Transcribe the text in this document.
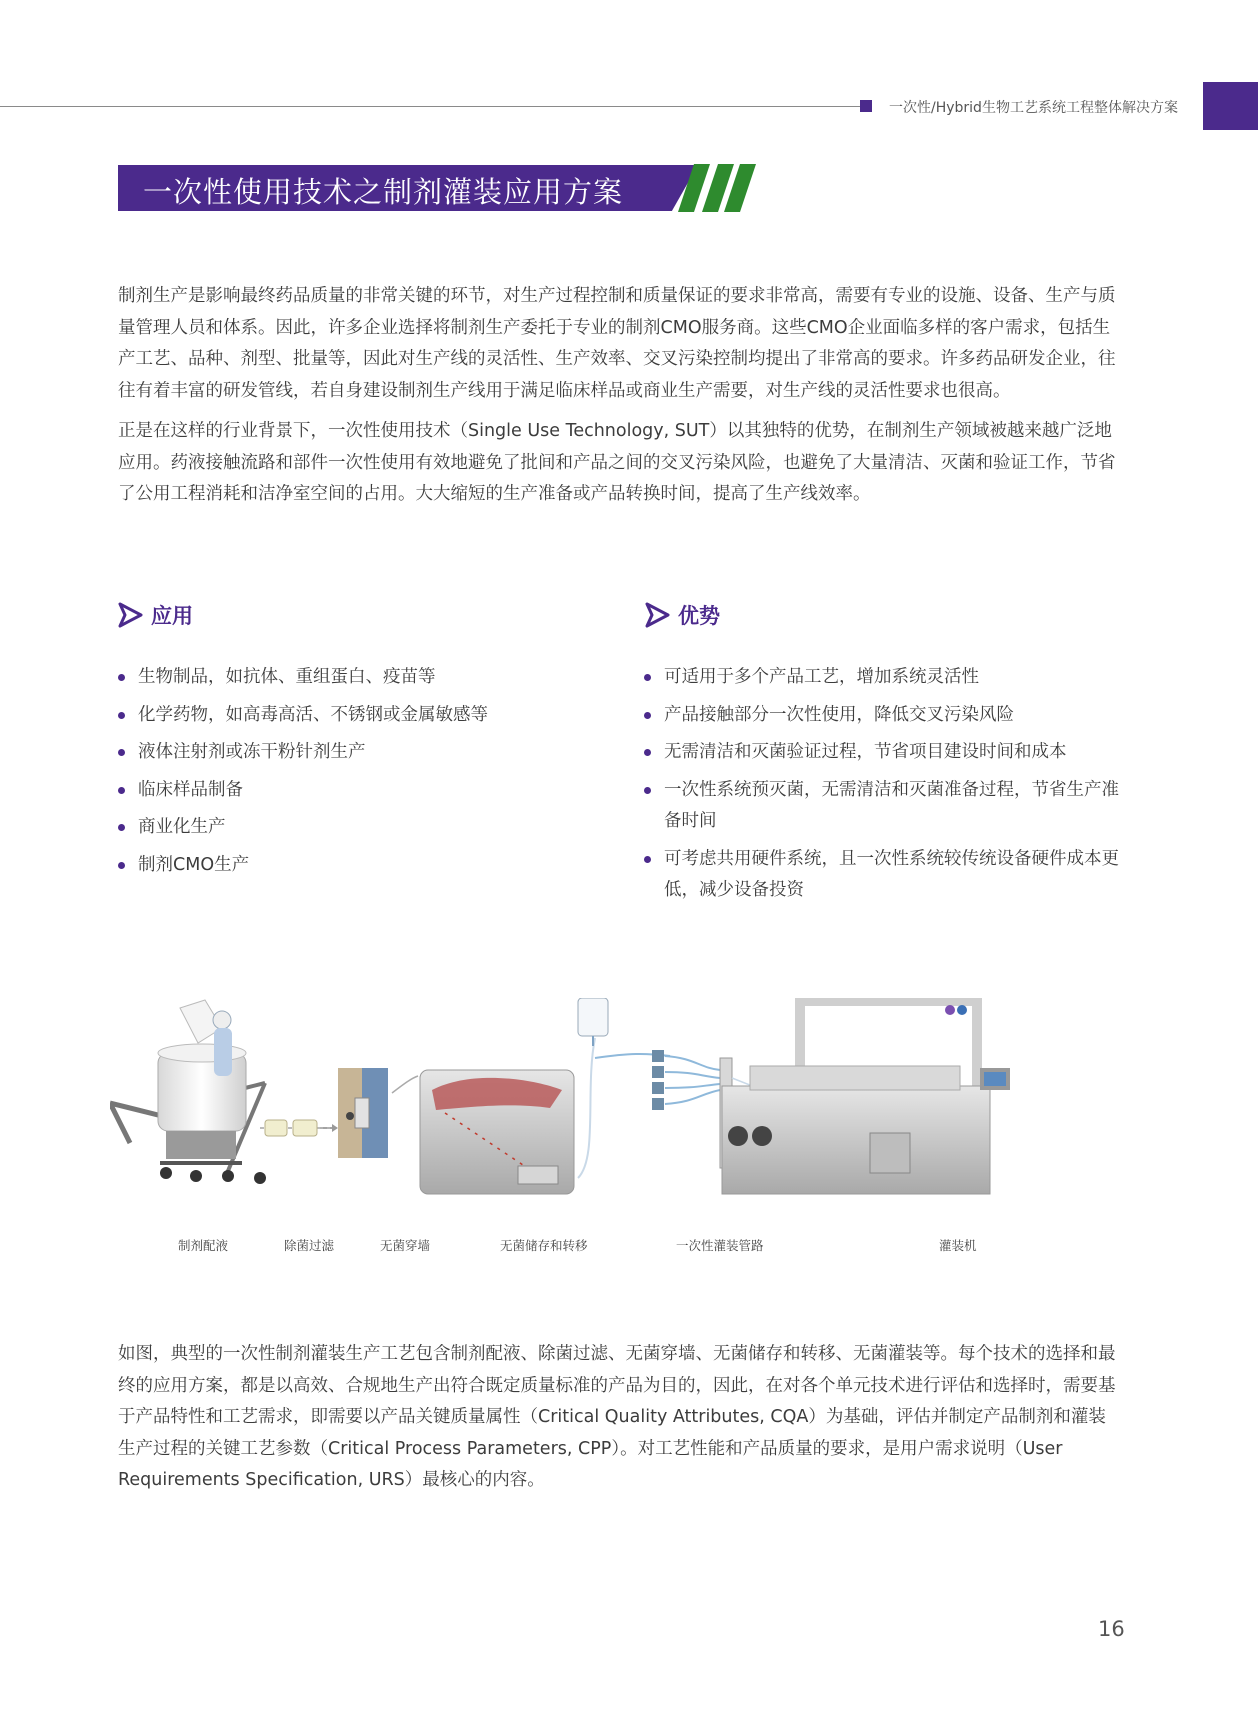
一次性/Hybrid生物工艺系统工程整体解决方案
一次性使用技术之制剂灌装应用方案

制剂生产是影响最终药品质量的非常关键的环节，对生产过程控制和质量保证的要求非常高，需要有专业的设施、设备、生产与质量管理人员和体系。因此，许多企业选择将制剂生产委托于专业的制剂CMO服务商。这些CMO企业面临多样的客户需求，包括生产工艺、品种、剂型、批量等，因此对生产线的灵活性、生产效率、交叉污染控制均提出了非常高的要求。许多药品研发企业，往往有着丰富的研发管线，若自身建设制剂生产线用于满足临床样品或商业生产需要，对生产线的灵活性要求也很高。

正是在这样的行业背景下，一次性使用技术（Single Use Technology, SUT）以其独特的优势，在制剂生产领域被越来越广泛地应用。药液接触流路和部件一次性使用有效地避免了批间和产品之间的交叉污染风险，也避免了大量清洁、灭菌和验证工作，节省了公用工程消耗和洁净室空间的占用。大大缩短的生产准备或产品转换时间，提高了生产线效率。

应用
生物制品，如抗体、重组蛋白、疫苗等
化学药物，如高毒高活、不锈钢或金属敏感等
液体注射剂或冻干粉针剂生产
临床样品制备
商业化生产
制剂CMO生产
优势
可适用于多个产品工艺，增加系统灵活性
产品接触部分一次性使用，降低交叉污染风险
无需清洁和灭菌验证过程，节省项目建设时间和成本
一次性系统预灭菌，无需清洁和灭菌准备过程，节省生产准备时间
可考虑共用硬件系统，且一次性系统较传统设备硬件成本更低，减少设备投资
制剂配液	除菌过滤	无菌穿墙	无菌储存和转移	一次性灌装管路	灌装机

如图，典型的一次性制剂灌装生产工艺包含制剂配液、除菌过滤、无菌穿墙、无菌储存和转移、无菌灌装等。每个技术的选择和最终的应用方案，都是以高效、合规地生产出符合既定质量标准的产品为目的，因此，在对各个单元技术进行评估和选择时，需要基于产品特性和工艺需求，即需要以产品关键质量属性（Critical Quality Attributes, CQA）为基础，评估并制定产品制剂和灌装生产过程的关键工艺参数（Critical Process Parameters, CPP）。对工艺性能和产品质量的要求，是用户需求说明（User Requirements Specification, URS）最核心的内容。

16
